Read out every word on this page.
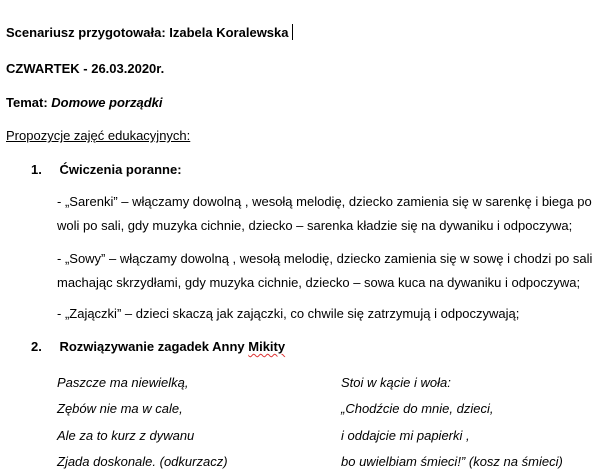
Scenariusz przygotowała: Izabela Koralewska
CZWARTEK - 26.03.2020r.
Temat: Domowe porządki
Propozycje zajęć edukacyjnych:
1. Ćwiczenia poranne:
- „Sarenki” – włączamy dowolną , wesołą melodię, dziecko zamienia się w sarenkę i biega po woli po sali, gdy muzyka cichnie, dziecko – sarenka kładzie się na dywaniku i odpoczywa;
- „Sowy” – włączamy dowolną , wesołą melodię, dziecko zamienia się w sowę i chodzi po sali machając skrzydłami, gdy muzyka cichnie, dziecko – sowa kuca na dywaniku i odpoczywa;
- „Zajączki” – dzieci skaczą jak zajączki, co chwile się zatrzymują i odpoczywają;
2. Rozwiązywanie zagadek Anny Mikity
Paszcze ma niewielką,
Zębów nie ma w cale,
Ale za to kurz z dywanu
Zjada doskonale. (odkurzacz)
Stoi w kącie i woła:
„Chodźcie do mnie, dzieci,
i oddajcie mi papierki ,
bo uwielbiam śmieci!” (kosz na śmieci)
